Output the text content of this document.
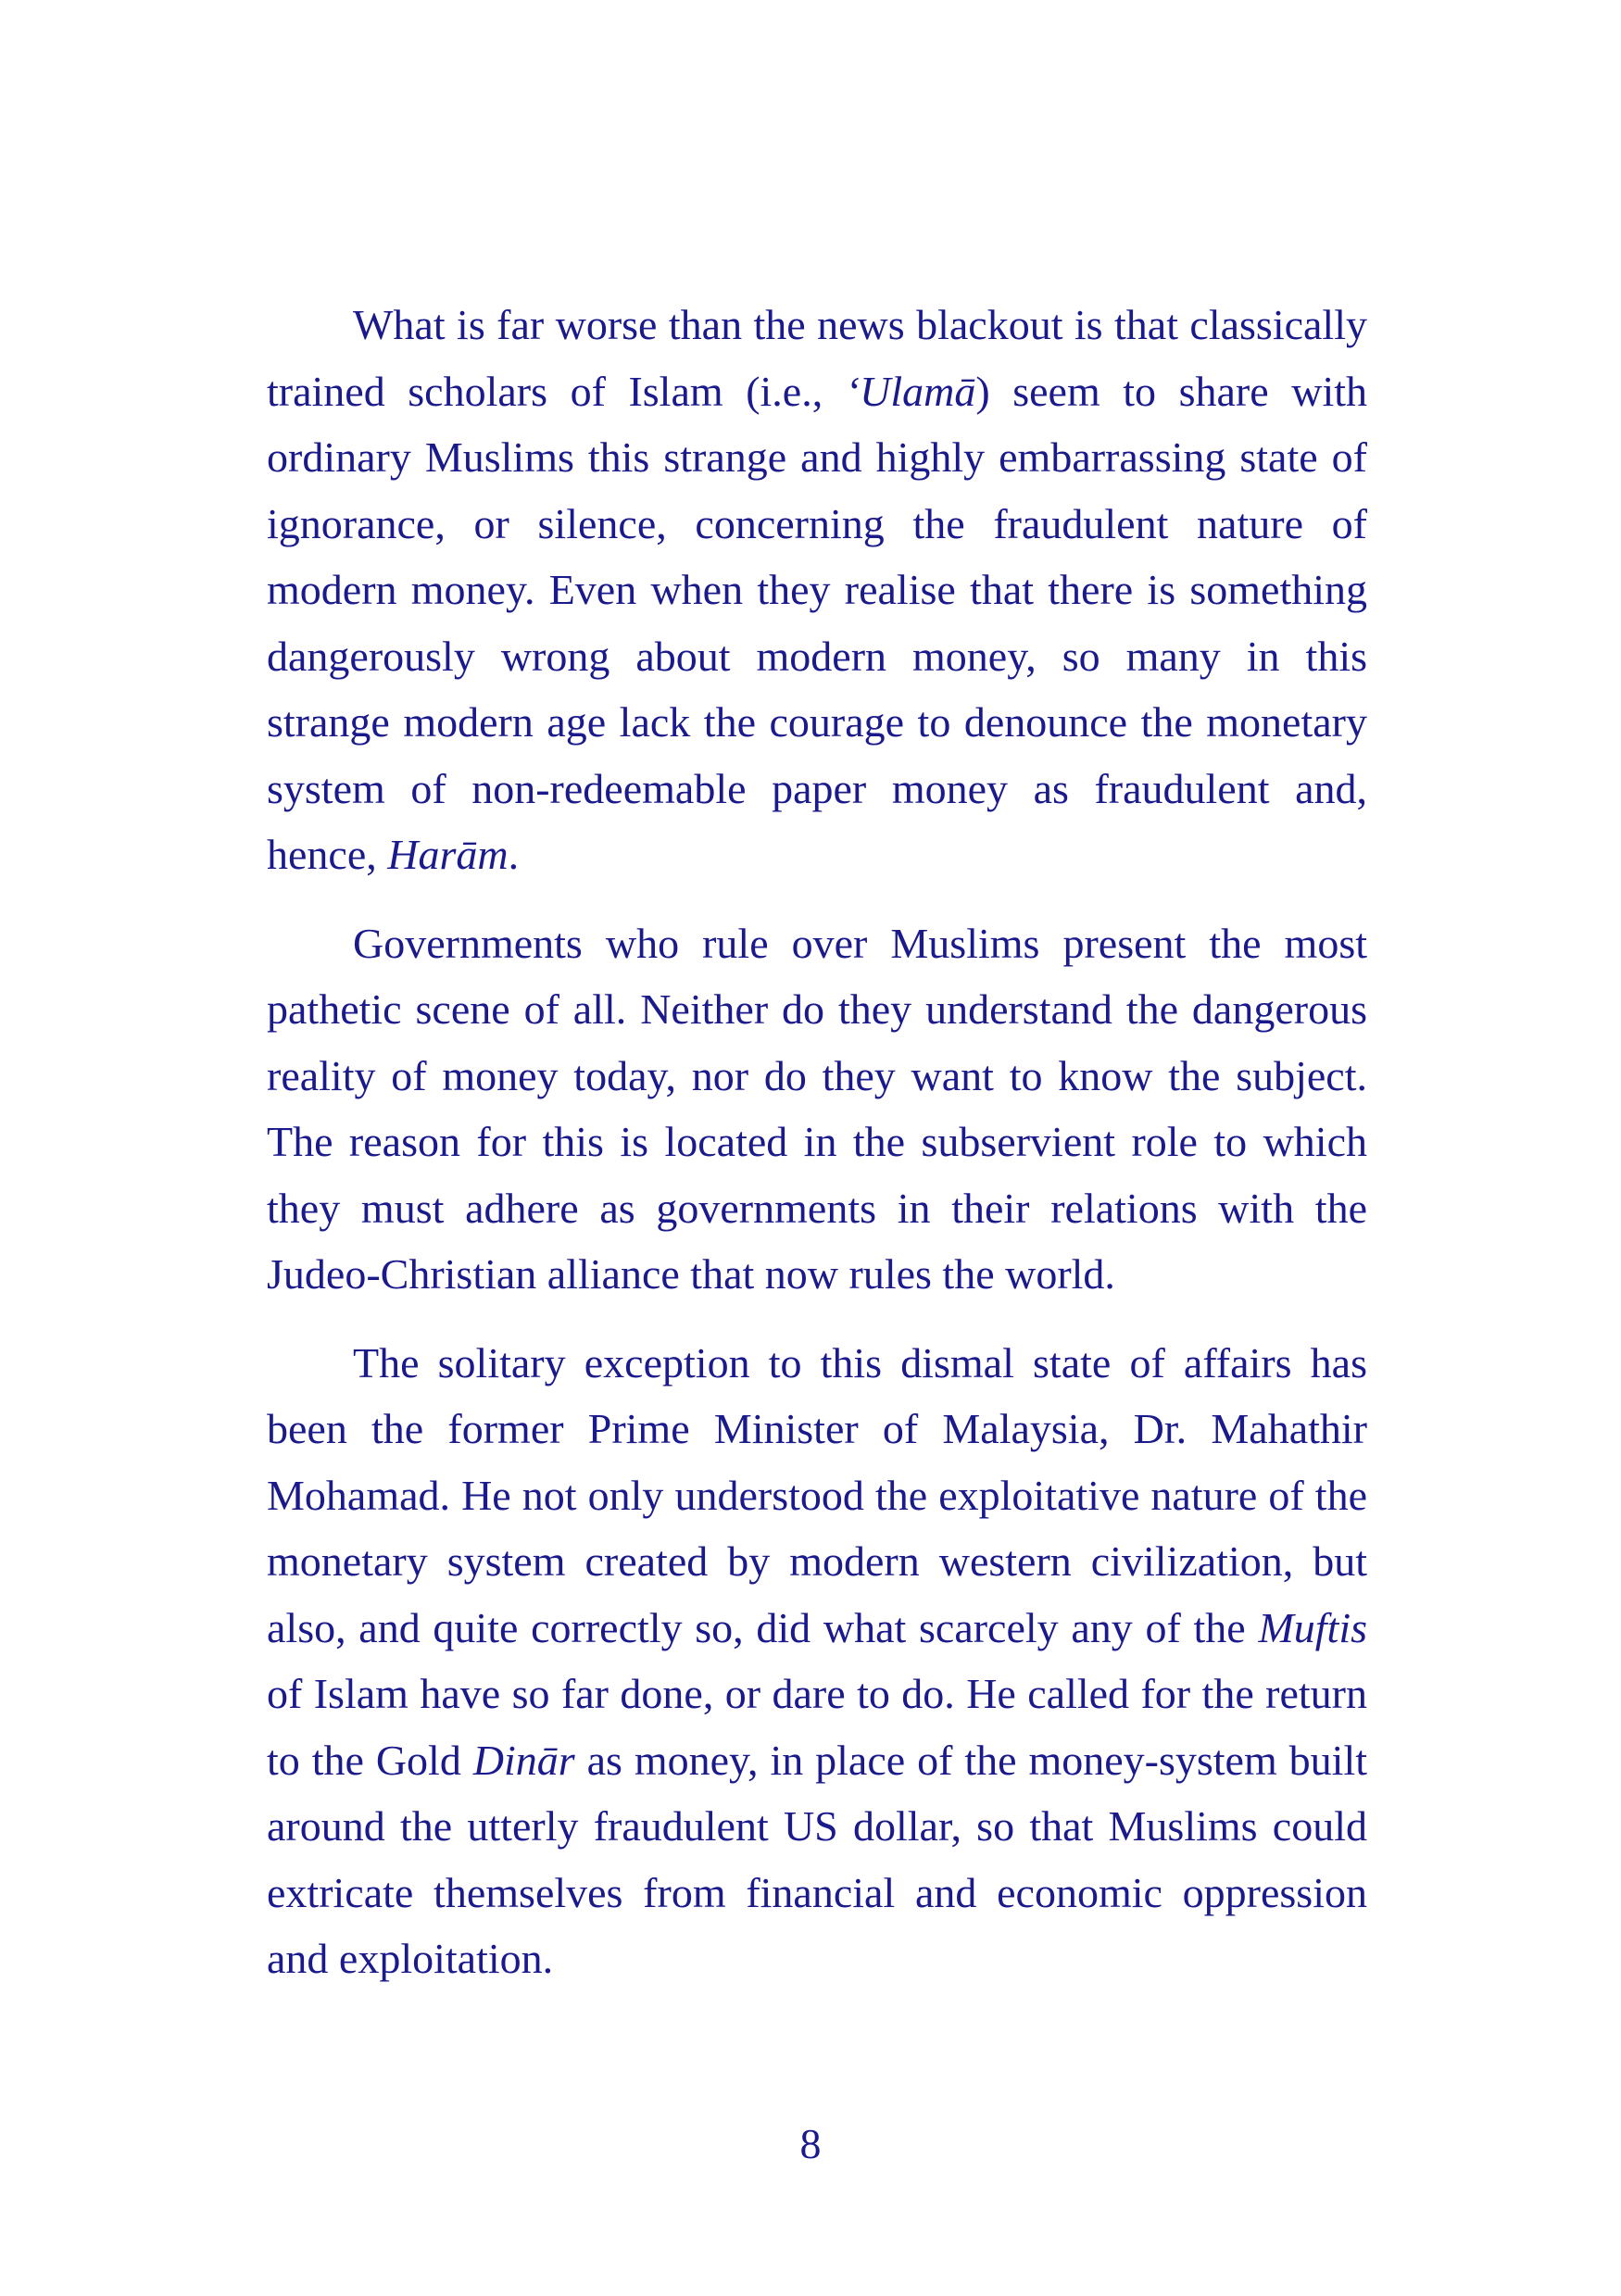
What is far worse than the news blackout is that classically trained scholars of Islam (i.e., ‘Ulamā) seem to share with ordinary Muslims this strange and highly embarrassing state of ignorance, or silence, concerning the fraudulent nature of modern money. Even when they realise that there is something dangerously wrong about modern money, so many in this strange modern age lack the courage to denounce the monetary system of non-redeemable paper money as fraudulent and, hence, Harām.

Governments who rule over Muslims present the most pathetic scene of all. Neither do they understand the dangerous reality of money today, nor do they want to know the subject. The reason for this is located in the subservient role to which they must adhere as governments in their relations with the Judeo-Christian alliance that now rules the world.

The solitary exception to this dismal state of affairs has been the former Prime Minister of Malaysia, Dr. Mahathir Mohamad. He not only understood the exploitative nature of the monetary system created by modern western civilization, but also, and quite correctly so, did what scarcely any of the Muftis of Islam have so far done, or dare to do. He called for the return to the Gold Dinār as money, in place of the money-system built around the utterly fraudulent US dollar, so that Muslims could extricate themselves from financial and economic oppression and exploitation.

8
